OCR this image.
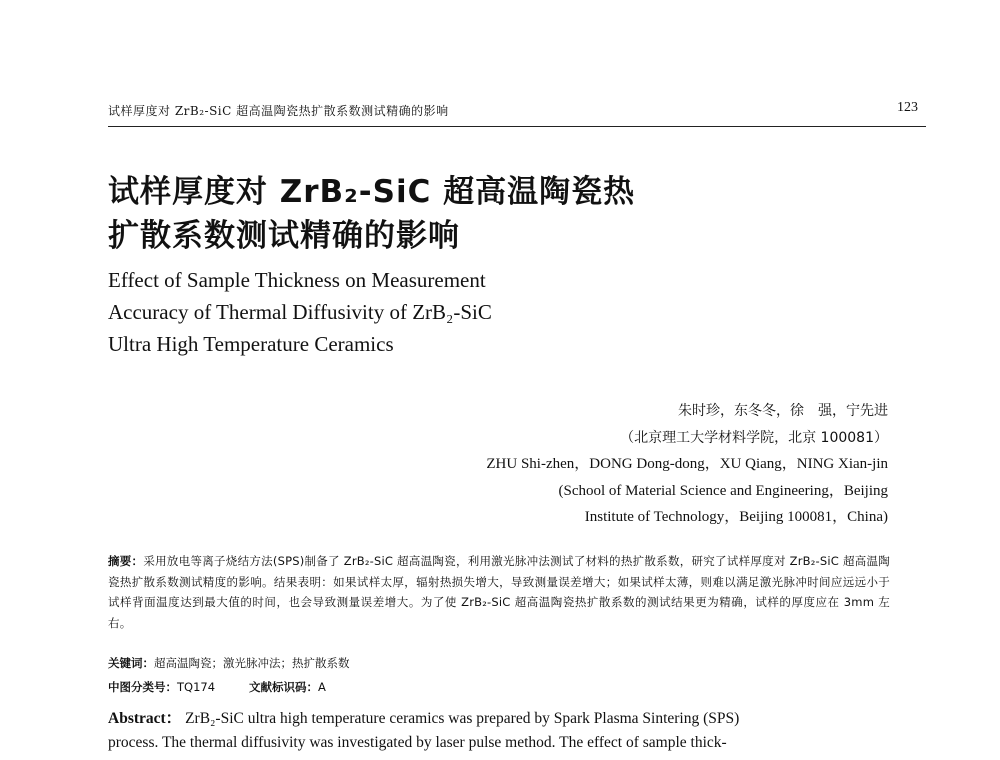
试样厚度对 ZrB₂-SiC 超高温陶瓷热扩散系数测试精确的影响	123
试样厚度对 ZrB₂-SiC 超高温陶瓷热
扩散系数测试精确的影响
Effect of Sample Thickness on Measurement
Accuracy of Thermal Diffusivity of ZrB₂-SiC
Ultra High Temperature Ceramics
朱时珍，东冬冬，徐　强，宁先进
（北京理工大学材料学院，北京 100081）
ZHU Shi-zhen，DONG Dong-dong，XU Qiang，NING Xian-jin
(School of Material Science and Engineering，Beijing
Institute of Technology，Beijing 100081，China)
摘要：采用放电等离子烧结方法(SPS)制备了 ZrB₂-SiC 超高温陶瓷，利用激光脉冲法测试了材料的热扩散系数，研究了试样厚度对 ZrB₂-SiC 超高温陶瓷热扩散系数测试精度的影响。结果表明：如果试样太厚，辐射热损失增大，导致测量误差增大；如果试样太薄，则难以满足激光脉冲时间应远远小于试样背面温度达到最大值的时间，也会导致测量误差增大。为了使 ZrB₂-SiC 超高温陶瓷热扩散系数的测试结果更为精确，试样的厚度应在 3mm 左右。
关键词：超高温陶瓷；激光脉冲法；热扩散系数
中图分类号：TQ174	文献标识码：A
Abstract： ZrB₂-SiC ultra high temperature ceramics was prepared by Spark Plasma Sintering (SPS)
process. The thermal diffusivity was investigated by laser pulse method. The effect of sample thick-
